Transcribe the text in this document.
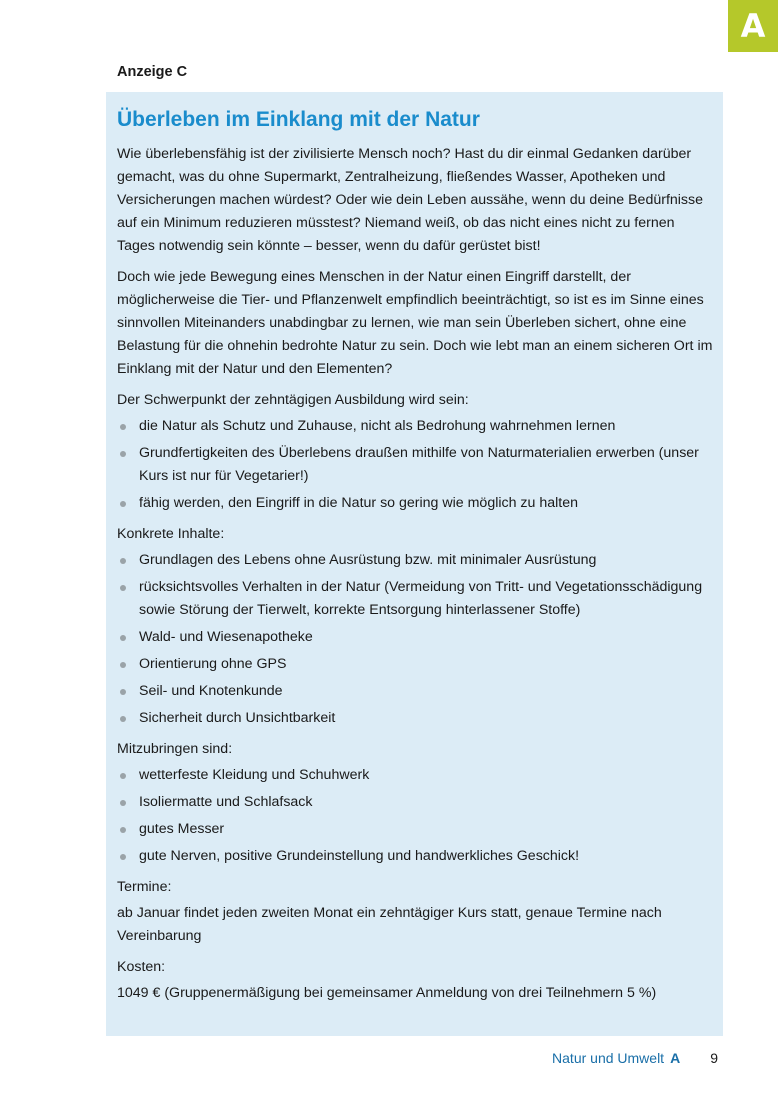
A
Anzeige C
Überleben im Einklang mit der Natur

Wie überlebensfähig ist der zivilisierte Mensch noch? Hast du dir einmal Gedanken darüber gemacht, was du ohne Supermarkt, Zentralheizung, fließendes Wasser, Apotheken und Versicherungen machen würdest? Oder wie dein Leben aussähe, wenn du deine Bedürfnisse auf ein Minimum reduzieren müsstest? Niemand weiß, ob das nicht eines nicht zu fernen Tages notwendig sein könnte – besser, wenn du dafür gerüstet bist!

Doch wie jede Bewegung eines Menschen in der Natur einen Eingriff darstellt, der möglicherweise die Tier- und Pflanzenwelt empfindlich beeinträchtigt, so ist es im Sinne eines sinnvollen Miteinanders unabdingbar zu lernen, wie man sein Überleben sichert, ohne eine Belastung für die ohnehin bedrohte Natur zu sein. Doch wie lebt man an einem sicheren Ort im Einklang mit der Natur und den Elementen?

Der Schwerpunkt der zehntägigen Ausbildung wird sein:

die Natur als Schutz und Zuhause, nicht als Bedrohung wahrnehmen lernen
Grundfertigkeiten des Überlebens draußen mithilfe von Naturmaterialien erwerben (unser Kurs ist nur für Vegetarier!)
fähig werden, den Eingriff in die Natur so gering wie möglich zu halten

Konkrete Inhalte:

Grundlagen des Lebens ohne Ausrüstung bzw. mit minimaler Ausrüstung
rücksichtsvolles Verhalten in der Natur (Vermeidung von Tritt- und Vegetationsschädigung sowie Störung der Tierwelt, korrekte Entsorgung hinterlassener Stoffe)
Wald- und Wiesenapotheke
Orientierung ohne GPS
Seil- und Knotenkunde
Sicherheit durch Unsichtbarkeit

Mitzubringen sind:

wetterfeste Kleidung und Schuhwerk
Isoliermatte und Schlafsack
gutes Messer
gute Nerven, positive Grundeinstellung und handwerkliches Geschick!

Termine:

ab Januar findet jeden zweiten Monat ein zehntägiger Kurs statt, genaue Termine nach Vereinbarung

Kosten:

1049 € (Gruppenermäßigung bei gemeinsamer Anmeldung von drei Teilnehmern 5 %)

Natur und Umwelt A 9
